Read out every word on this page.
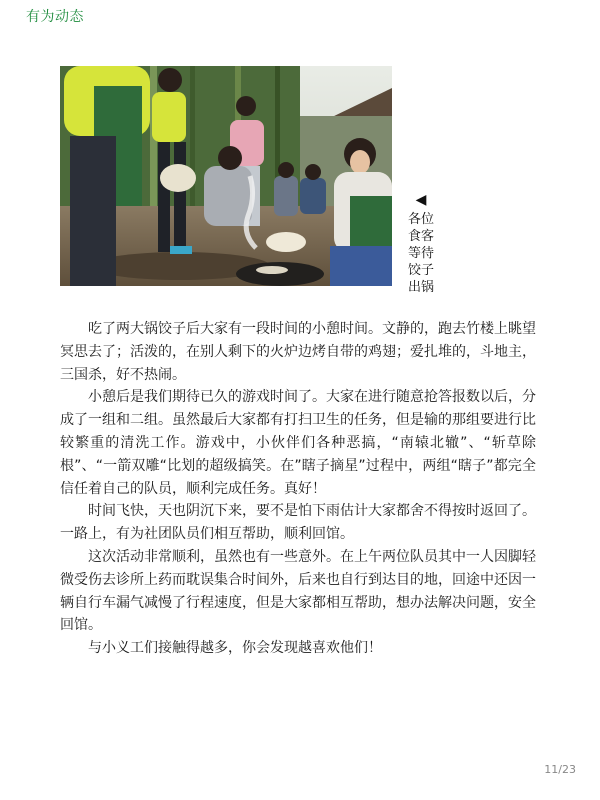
有为动态
◀
各位食客等待饺子出锅

吃了两大锅饺子后大家有一段时间的小憩时间。文静的，跑去竹楼上眺望冥思去了；活泼的，在别人剩下的火炉边烤自带的鸡翅；爱扎堆的，斗地主，三国杀，好不热闹。

小憩后是我们期待已久的游戏时间了。大家在进行随意抢答报数以后，分成了一组和二组。虽然最后大家都有打扫卫生的任务，但是输的那组要进行比较繁重的清洗工作。游戏中，小伙伴们各种恶搞，“南辕北辙”、“斩草除根”、“一箭双雕“比划的超级搞笑。在”瞎子摘星”过程中，两组“瞎子”都完全信任着自己的队员，顺利完成任务。真好！

时间飞快，天也阴沉下来，要不是怕下雨估计大家都舍不得按时返回了。一路上，有为社团队员们相互帮助，顺利回馆。

这次活动非常顺利，虽然也有一些意外。在上午两位队员其中一人因脚轻微受伤去诊所上药而耽误集合时间外，后来也自行到达目的地，回途中还因一辆自行车漏气减慢了行程速度，但是大家都相互帮助，想办法解决问题，安全回馆。

与小义工们接触得越多，你会发现越喜欢他们！

11/23
